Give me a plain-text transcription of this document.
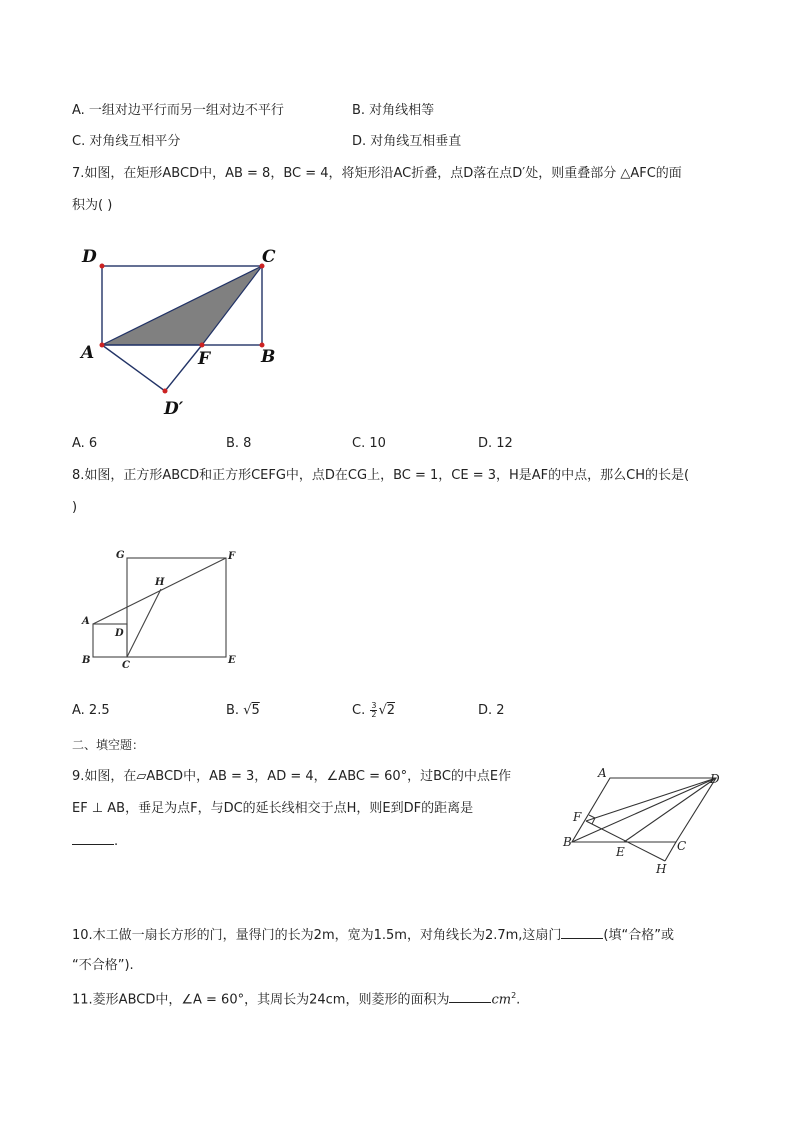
A. 一组对边平行而另一组对边不平行	B. 对角线相等
C. 对角线互相平分	D. 对角线互相垂直
7.如图，在矩形ABCD中，AB = 8，BC = 4，将矩形沿AC折叠，点D落在点D′处，则重叠部分 △AFC的面
积为( )
D	C
A	F	B
D′
A. 6	B. 8	C. 10	D. 12
8.如图，正方形ABCD和正方形CEFG中，点D在CG上，BC = 1，CE = 3，H是AF的中点，那么CH的长是(
)
G	F
H
A
D
B	C	E
A. 2.5	B. √5	C. $\frac{3}{2} √2$	D. 2
二、填空题：
9.如图，在▱ABCD中，AB = 3，AD = 4，∠ABC = 60°，过BC的中点E作
EF ⊥ AB，垂足为点F，与DC的延长线相交于点H，则E到DF的距离是
.
A	D
F
B
E	C
H
10.木工做一扇长方形的门，量得门的长为2m，宽为1.5m，对角线长为2.7m,这扇门	(填“合格”或
“不合格”).
11.菱形ABCD中，∠A = 60°，其周长为24cm，则菱形的面积为	$cm^2$.
